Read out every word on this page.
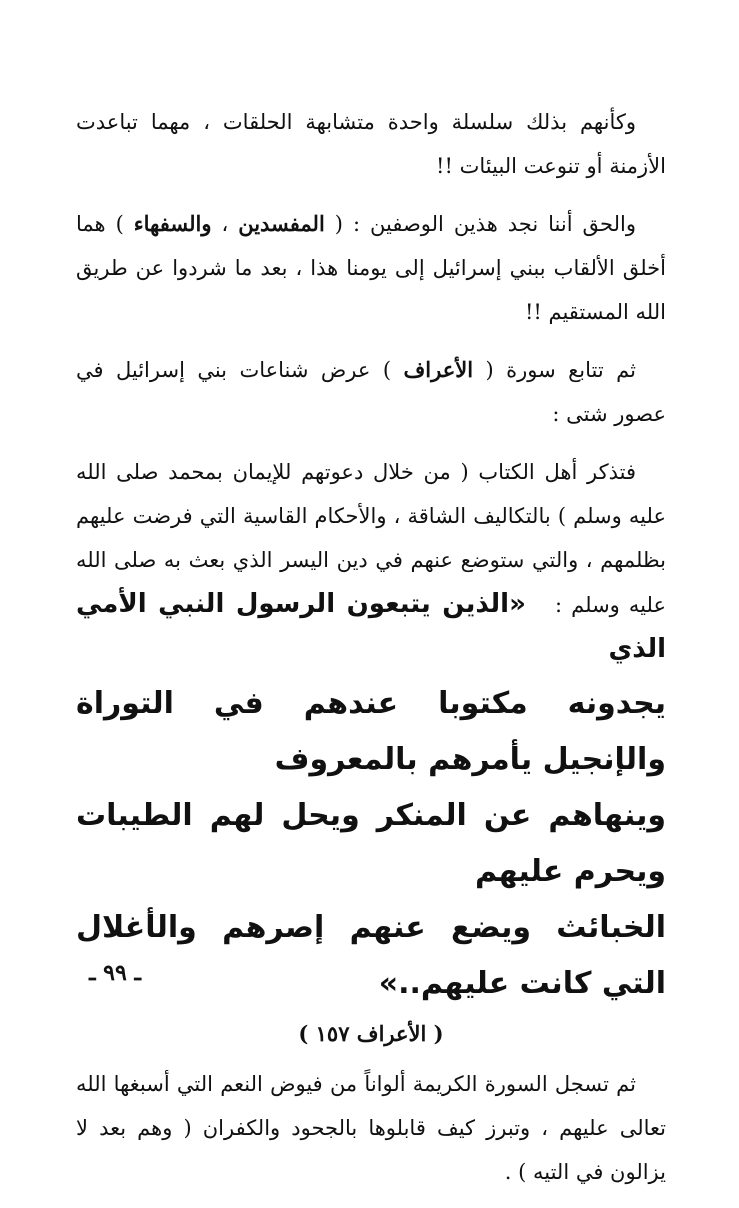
وكأنهم بذلك سلسلة واحدة متشابهة الحلقات ، مهما تباعدت الأزمنة أو تنوعت البيئات !!

والحق أننا نجد هذين الوصفين : ( المفسدين ، والسفهاء ) هما أخلق الألقاب ببني إسرائيل إلى يومنا هذا ، بعد ما شردوا عن طريق الله المستقيم !!

ثم تتابع سورة ( الأعراف ) عرض شناعات بني إسرائيل في عصور شتى :

فتذكر أهل الكتاب ( من خلال دعوتهم للإيمان بمحمد صلى الله عليه وسلم ) بالتكاليف الشاقة ، والأحكام القاسية التي فرضت عليهم بظلمهم ، والتي ستوضع عنهم في دين اليسر الذي بعث به صلى الله عليه وسلم : «الذين يتبعون الرسول النبي الأمي الذي

يجدونه مكتوبا عندهم في التوراة والإنجيل يأمرهم بالمعروف
وينهاهم عن المنكر ويحل لهم الطيبات ويحرم عليهم
الخبائث ويضع عنهم إصرهم والأغلال التي كانت عليهم..»
( الأعراف ١٥٧ )

ثم تسجل السورة الكريمة ألواناً من فيوض النعم التي أسبغها الله تعالى عليهم ، وتبرز كيف قابلوها بالجحود والكفران ( وهم بعد لا يزالون في التيه ) .

ـ ٩٩ ـ
